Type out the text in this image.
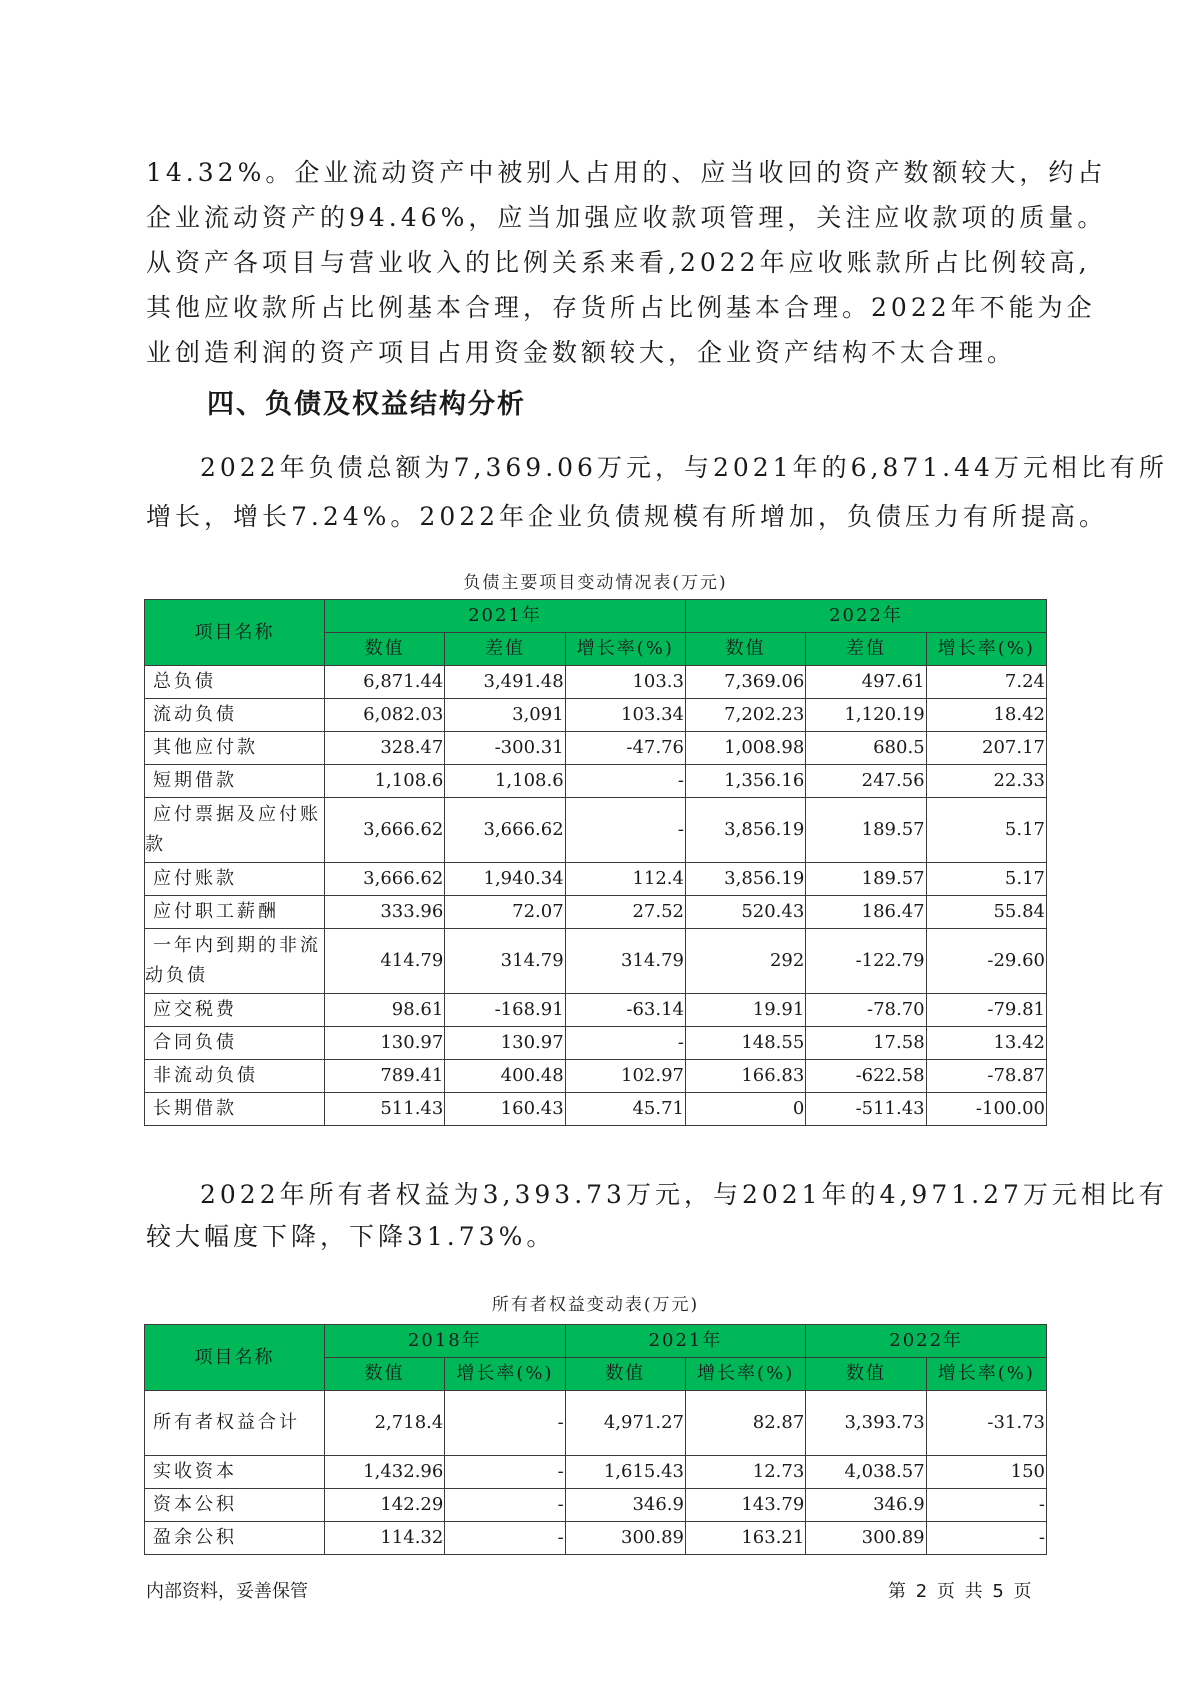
14.32%。企业流动资产中被别人占用的、应当收回的资产数额较大，约占
企业流动资产的94.46%，应当加强应收款项管理，关注应收款项的质量。
从资产各项目与营业收入的比例关系来看,2022年应收账款所占比例较高,
其他应收款所占比例基本合理，存货所占比例基本合理。2022年不能为企
业创造利润的资产项目占用资金数额较大，企业资产结构不太合理。
四、负债及权益结构分析
2022年负债总额为7,369.06万元，与2021年的6,871.44万元相比有所
增长，增长7.24%。2022年企业负债规模有所增加，负债压力有所提高。
负债主要项目变动情况表(万元)
项目名称	2021年			2022年		
	数值	差值	增长率(%)	数值	差值	增长率(%)
总负债	6,871.44	3,491.48	103.3	7,369.06	497.61	7.24
流动负债	6,082.03	3,091	103.34	7,202.23	1,120.19	18.42
其他应付款	328.47	-300.31	-47.76	1,008.98	680.5	207.17
短期借款	1,108.6	1,108.6	-	1,356.16	247.56	22.33
应付票据及应付账款	3,666.62	3,666.62	-	3,856.19	189.57	5.17
应付账款	3,666.62	1,940.34	112.4	3,856.19	189.57	5.17
应付职工薪酬	333.96	72.07	27.52	520.43	186.47	55.84
一年内到期的非流动负债	414.79	314.79	314.79	292	-122.79	-29.60
应交税费	98.61	-168.91	-63.14	19.91	-78.70	-79.81
合同负债	130.97	130.97	-	148.55	17.58	13.42
非流动负债	789.41	400.48	102.97	166.83	-622.58	-78.87
长期借款	511.43	160.43	45.71	0	-511.43	-100.00
2022年所有者权益为3,393.73万元，与2021年的4,971.27万元相比有
较大幅度下降，下降31.73%。
所有者权益变动表(万元)
项目名称	2018年		2021年		2022年	
	数值	增长率(%)	数值	增长率(%)	数值	增长率(%)
所有者权益合计	2,718.4	-	4,971.27	82.87	3,393.73	-31.73
实收资本	1,432.96	-	1,615.43	12.73	4,038.57	150
资本公积	142.29	-	346.9	143.79	346.9	-
盈余公积	114.32	-	300.89	163.21	300.89	-
内部资料，妥善保管	第 2 页 共 5 页
